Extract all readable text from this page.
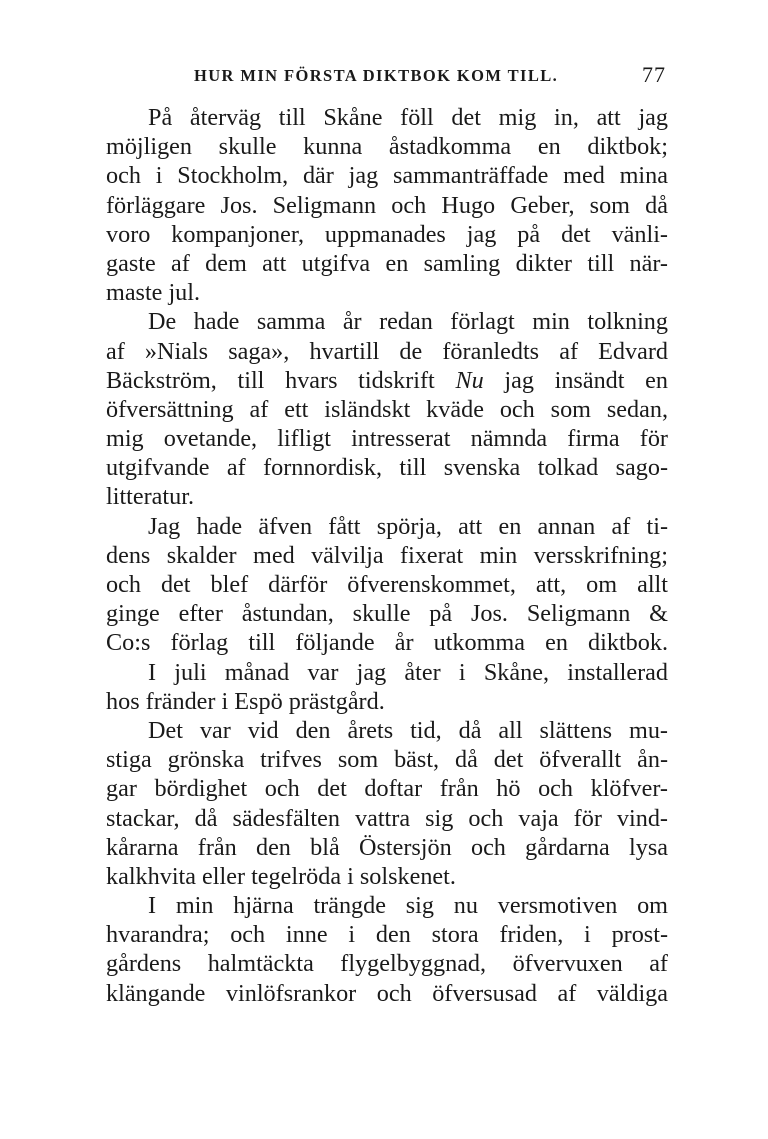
HUR MIN FÖRSTA DIKTBOK KOM TILL.	77
På återväg till Skåne föll det mig in, att jag
möjligen skulle kunna åstadkomma en diktbok;
och i Stockholm, där jag sammanträffade med mina
förläggare Jos. Seligmann och Hugo Geber, som då
voro kompanjoner, uppmanades jag på det vänli-
gaste af dem att utgifva en samling dikter till när-
maste jul.
De hade samma år redan förlagt min tolkning
af »Nials saga», hvartill de föranledts af Edvard
Bäckström, till hvars tidskrift Nu jag insändt en
öfversättning af ett isländskt kväde och som sedan,
mig ovetande, lifligt intresserat nämnda firma för
utgifvande af fornnordisk, till svenska tolkad sago-
litteratur.
Jag hade äfven fått spörja, att en annan af ti-
dens skalder med välvilja fixerat min versskrifning;
och det blef därför öfverenskommet, att, om allt
ginge efter åstundan, skulle på Jos. Seligmann &
Co:s förlag till följande år utkomma en diktbok.
I juli månad var jag åter i Skåne, installerad
hos fränder i Espö prästgård.
Det var vid den årets tid, då all slättens mu-
stiga grönska trifves som bäst, då det öfverallt ån-
gar bördighet och det doftar från hö och klöfver-
stackar, då sädesfälten vattra sig och vaja för vind-
kårarna från den blå Östersjön och gårdarna lysa
kalkhvita eller tegelröda i solskenet.
I min hjärna trängde sig nu versmotiven om
hvarandra; och inne i den stora friden, i prost-
gårdens halmtäckta flygelbyggnad, öfvervuxen af
klängande vinlöfsrankor och öfversusad af väldiga
